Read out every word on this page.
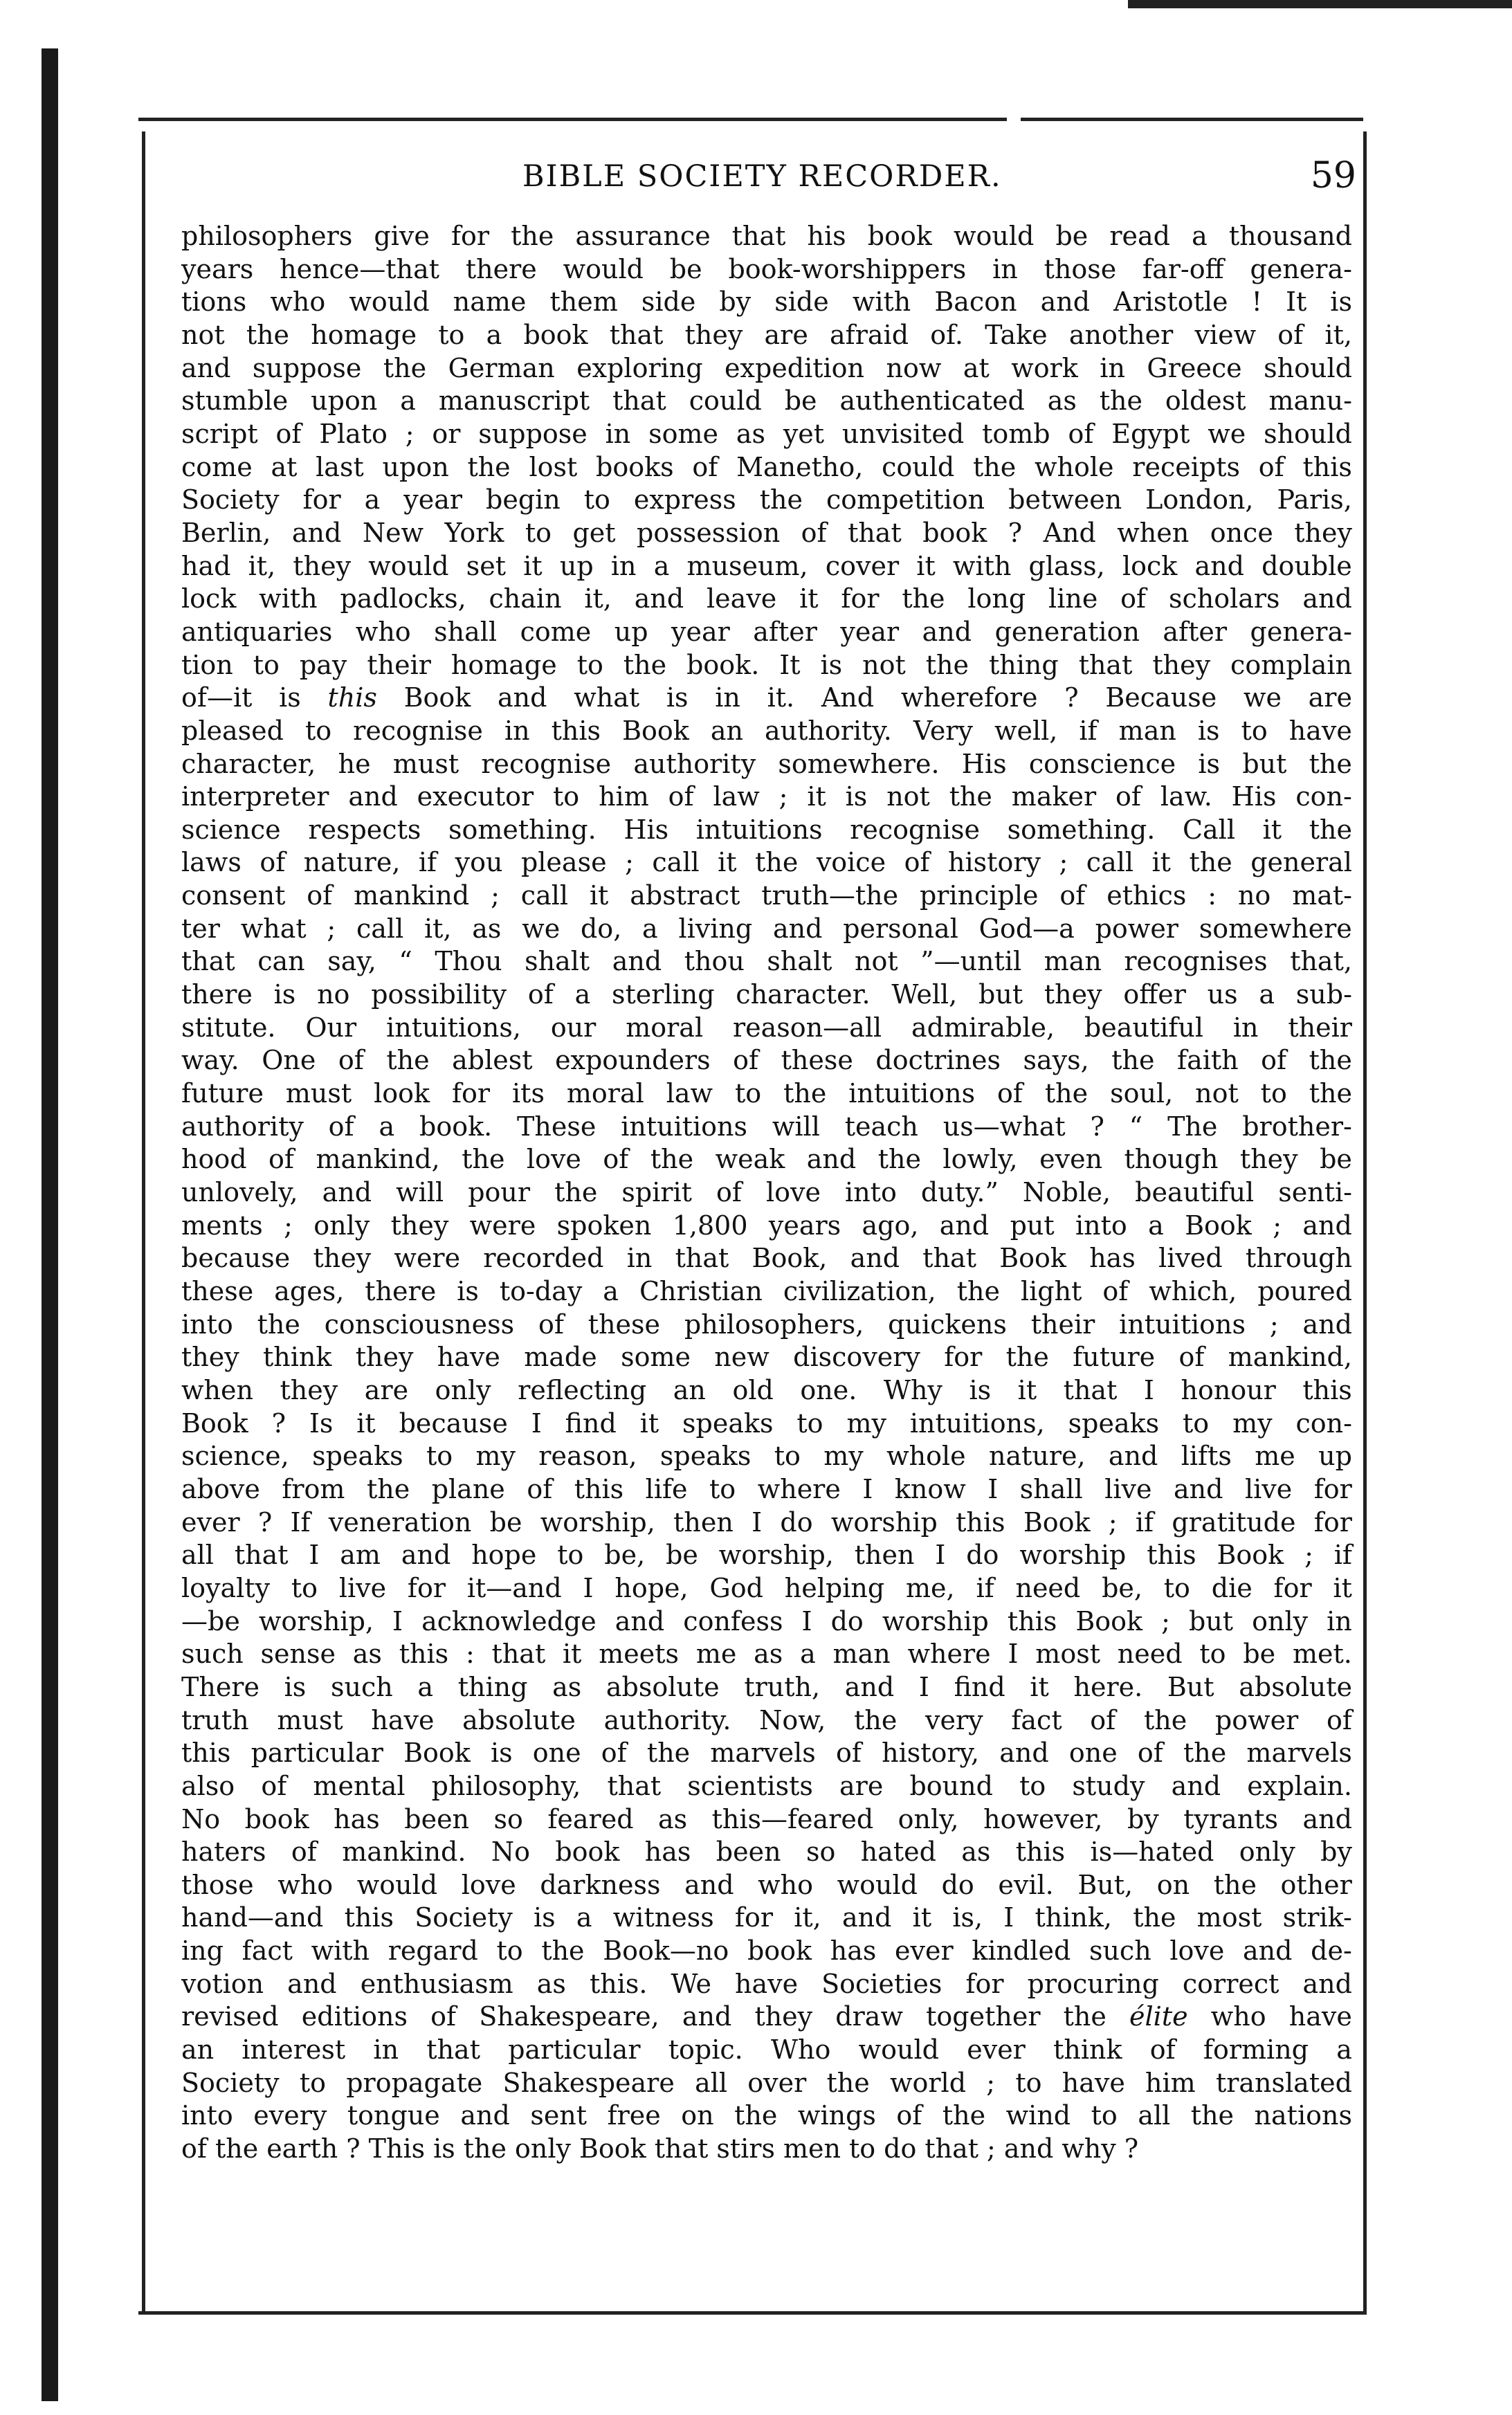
BIBLE SOCIETY RECORDER.	59
philosophers give for the assurance that his book would be read a thousand
years hence—that there would be book-worshippers in those far-off genera-
tions who would name them side by side with Bacon and Aristotle ! It is
not the homage to a book that they are afraid of. Take another view of it,
and suppose the German exploring expedition now at work in Greece should
stumble upon a manuscript that could be authenticated as the oldest manu-
script of Plato ; or suppose in some as yet unvisited tomb of Egypt we should
come at last upon the lost books of Manetho, could the whole receipts of this
Society for a year begin to express the competition between London, Paris,
Berlin, and New York to get possession of that book ? And when once they
had it, they would set it up in a museum, cover it with glass, lock and double
lock with padlocks, chain it, and leave it for the long line of scholars and
antiquaries who shall come up year after year and generation after genera-
tion to pay their homage to the book. It is not the thing that they complain
of—it is this Book and what is in it. And wherefore ? Because we are
pleased to recognise in this Book an authority. Very well, if man is to have
character, he must recognise authority somewhere. His conscience is but the
interpreter and executor to him of law ; it is not the maker of law. His con-
science respects something. His intuitions recognise something. Call it the
laws of nature, if you please ; call it the voice of history ; call it the general
consent of mankind ; call it abstract truth—the principle of ethics : no mat-
ter what ; call it, as we do, a living and personal God—a power somewhere
that can say, “ Thou shalt and thou shalt not ”—until man recognises that,
there is no possibility of a sterling character. Well, but they offer us a sub-
stitute. Our intuitions, our moral reason—all admirable, beautiful in their
way. One of the ablest expounders of these doctrines says, the faith of the
future must look for its moral law to the intuitions of the soul, not to the
authority of a book. These intuitions will teach us—what ? “ The brother-
hood of mankind, the love of the weak and the lowly, even though they be
unlovely, and will pour the spirit of love into duty.” Noble, beautiful senti-
ments ; only they were spoken 1,800 years ago, and put into a Book ; and
because they were recorded in that Book, and that Book has lived through
these ages, there is to-day a Christian civilization, the light of which, poured
into the consciousness of these philosophers, quickens their intuitions ; and
they think they have made some new discovery for the future of mankind,
when they are only reflecting an old one. Why is it that I honour this
Book ? Is it because I find it speaks to my intuitions, speaks to my con-
science, speaks to my reason, speaks to my whole nature, and lifts me up
above from the plane of this life to where I know I shall live and live for
ever ? If veneration be worship, then I do worship this Book ; if gratitude for
all that I am and hope to be, be worship, then I do worship this Book ; if
loyalty to live for it—and I hope, God helping me, if need be, to die for it
—be worship, I acknowledge and confess I do worship this Book ; but only in
such sense as this : that it meets me as a man where I most need to be met.
There is such a thing as absolute truth, and I find it here. But absolute
truth must have absolute authority. Now, the very fact of the power of
this particular Book is one of the marvels of history, and one of the marvels
also of mental philosophy, that scientists are bound to study and explain.
No book has been so feared as this—feared only, however, by tyrants and
haters of mankind. No book has been so hated as this is—hated only by
those who would love darkness and who would do evil. But, on the other
hand—and this Society is a witness for it, and it is, I think, the most strik-
ing fact with regard to the Book—no book has ever kindled such love and de-
votion and enthusiasm as this. We have Societies for procuring correct and
revised editions of Shakespeare, and they draw together the élite who have
an interest in that particular topic. Who would ever think of forming a
Society to propagate Shakespeare all over the world ; to have him translated
into every tongue and sent free on the wings of the wind to all the nations
of the earth ? This is the only Book that stirs men to do that ; and why ?
